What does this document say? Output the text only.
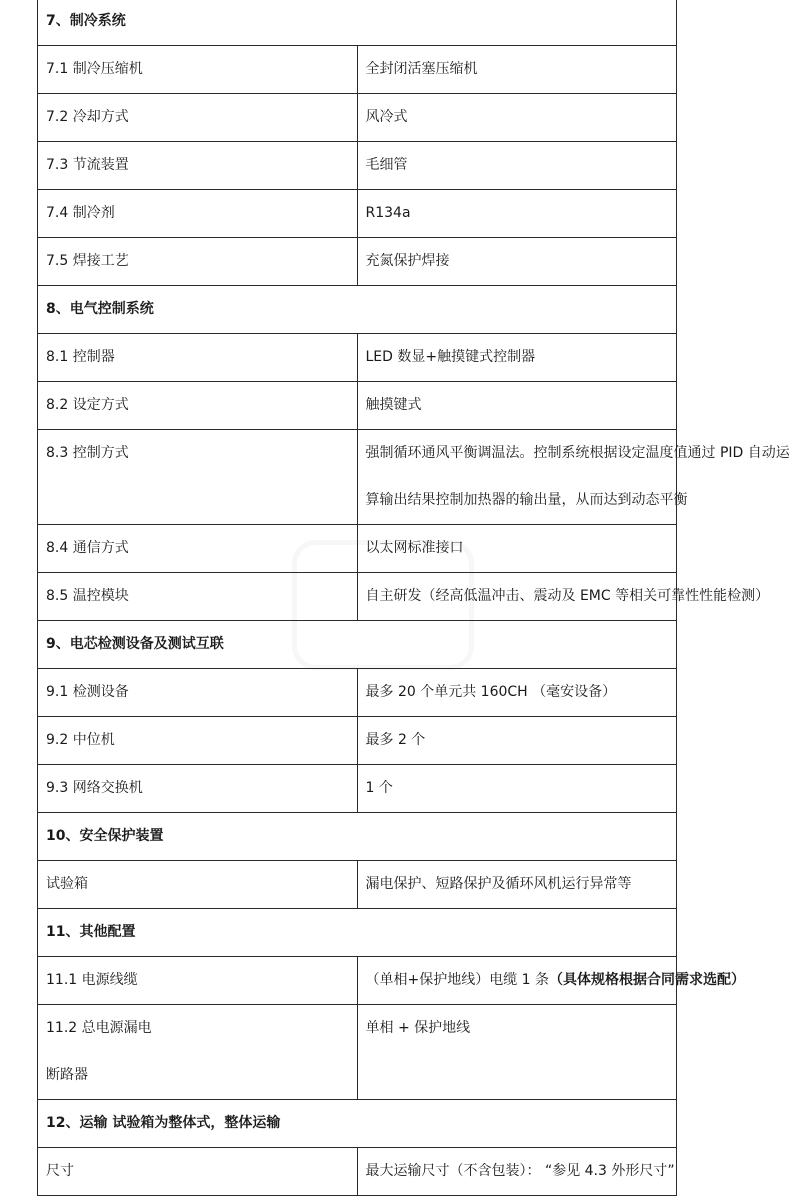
7、制冷系统	
7.1 制冷压缩机	全封闭活塞压缩机
7.2 冷却方式	风冷式
7.3 节流装置	毛细管
7.4 制冷剂	R134a
7.5 焊接工艺	充氮保护焊接
8、电气控制系统	
8.1 控制器	LED 数显+触摸键式控制器
8.2 设定方式	触摸键式
8.3 控制方式	强制循环通风平衡调温法。控制系统根据设定温度值通过 PID 自动运
算输出结果控制加热器的输出量，从而达到动态平衡

8.4 通信方式	以太网标准接口
8.5 温控模块	自主研发（经高低温冲击、震动及 EMC 等相关可靠性性能检测）
9、电芯检测设备及测试互联	
9.1 检测设备	最多 20 个单元共 160CH （毫安设备）
9.2 中位机	最多 2 个
9.3 网络交换机	1 个
10、安全保护装置	
试验箱	漏电保护、短路保护及循环风机运行异常等
11、其他配置	
11.1 电源线缆	（单相+保护地线）电缆 1 条（具体规格根据合同需求选配）

11.2 总电源漏电
断路器	单相 + 保护地线
12、运输 试验箱为整体式，整体运输	
尺寸	最大运输尺寸（不含包装）： “参见 4.3 外形尺寸”
